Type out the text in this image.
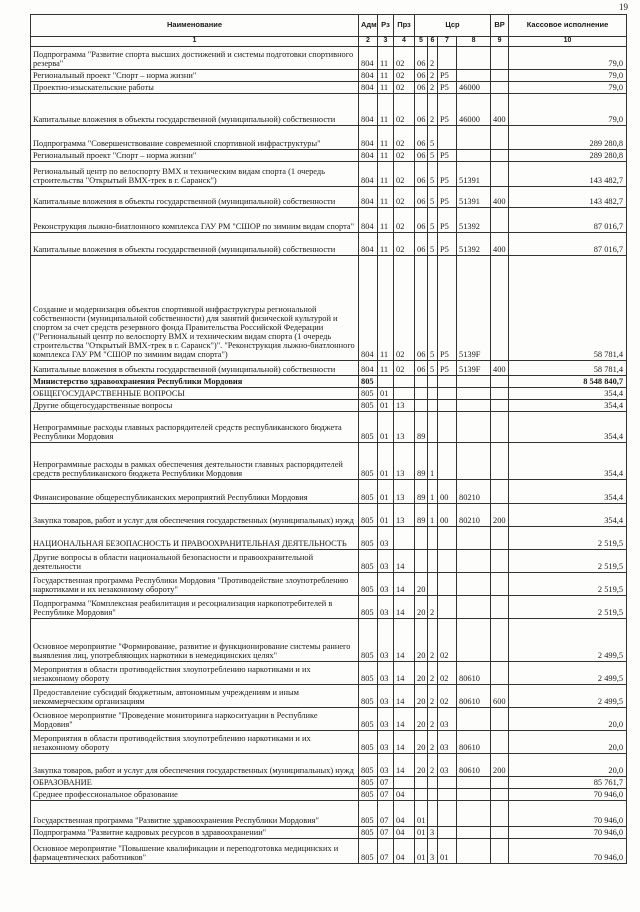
19
Наименование	Адм	Рз	Прз	Цср				ВР	Кассовое исполнение
1	2	3	4	5	6	7	8	9	10
Подпрограмма "Развитие спорта высших достижений и системы подготовки спортивного резерва"	804	11	02	06	2				79,0
Региональный проект "Спорт – норма жизни"	804	11	02	06	2	P5			79,0
Проектно-изыскательские работы	804	11	02	06	2	P5	46000		79,0
Капитальные вложения в объекты государственной (муниципальной) собственности	804	11	02	06	2	P5	46000	400	79,0
Подпрограмма "Совершенствование современной спортивной инфраструктуры"	804	11	02	06	5				289 280,8
Региональный проект "Спорт – норма жизни"	804	11	02	06	5	P5			289 280,8
Региональный центр по велоспорту ВМХ и техническим видам спорта (1 очередь строительства "Открытый ВМХ-трек в г. Саранск")	804	11	02	06	5	P5	51391		143 482,7
Капитальные вложения в объекты государственной (муниципальной) собственности	804	11	02	06	5	P5	51391	400	143 482,7
Реконструкция лыжно-биатлонного комплекса ГАУ РМ "СШОР по зимним видам спорта"	804	11	02	06	5	P5	51392		87 016,7
Капитальные вложения в объекты государственной (муниципальной) собственности	804	11	02	06	5	P5	51392	400	87 016,7
Создание и модернизация объектов спортивной инфраструктуры региональной собственности (муниципальной собственности) для занятий физической культурой и спортом за счет средств резервного фонда Правительства Российской Федерации ("Региональный центр по велоспорту ВМХ и техническим видам спорта (1 очередь строительства "Открытый ВМХ-трек в г. Саранск")". "Реконструкция лыжно-биатлонного комплекса ГАУ РМ "СШОР по зимним видам спорта")	804	11	02	06	5	P5	5139F		58 781,4
Капитальные вложения в объекты государственной (муниципальной) собственности	804	11	02	06	5	P5	5139F	400	58 781,4
Министерство здравоохранения Республики Мордовия	805								8 548 840,7
ОБЩЕГОСУДАРСТВЕННЫЕ ВОПРОСЫ	805	01							354,4
Другие общегосударственные вопросы	805	01	13						354,4
Непрограммные расходы главных распорядителей средств республиканского бюджета Республики Мордовия	805	01	13	89					354,4
Непрограммные расходы в рамках обеспечения деятельности главных распорядителей средств республиканского бюджета Республики Мордовия	805	01	13	89	1				354,4
Финансирование общереспубликанских мероприятий Республики Мордовия	805	01	13	89	1	00	80210		354,4
Закупка товаров, работ и услуг для обеспечения государственных (муниципальных) нужд	805	01	13	89	1	00	80210	200	354,4
НАЦИОНАЛЬНАЯ БЕЗОПАСНОСТЬ И ПРАВООХРАНИТЕЛЬНАЯ ДЕЯТЕЛЬНОСТЬ	805	03							2 519,5
Другие вопросы в области национальной безопасности и правоохранительной деятельности	805	03	14						2 519,5
Государственная программа Республики Мордовия "Противодействие злоупотреблению наркотиками и их незаконному обороту"	805	03	14	20					2 519,5
Подпрограмма "Комплексная реабилитация и ресоциализация наркопотребителей в Республике Мордовия"	805	03	14	20	2				2 519,5
Основное мероприятие "Формирование, развитие и функционирование системы раннего выявления лиц, употребляющих наркотики в немедицинских целях"	805	03	14	20	2	02			2 499,5
Мероприятия в области противодействия злоупотреблению наркотиками и их незаконному обороту	805	03	14	20	2	02	80610		2 499,5
Предоставление субсидий бюджетным, автономным учреждениям и иным некоммерческим организациям	805	03	14	20	2	02	80610	600	2 499,5
Основное мероприятие "Проведение мониторинга наркоситуации в Республике Мордовия"	805	03	14	20	2	03			20,0
Мероприятия в области противодействия злоупотреблению наркотиками и их незаконному обороту	805	03	14	20	2	03	80610		20,0
Закупка товаров, работ и услуг для обеспечения государственных (муниципальных) нужд	805	03	14	20	2	03	80610	200	20,0
ОБРАЗОВАНИЕ	805	07							85 761,7
Среднее профессиональное образование	805	07	04						70 946,0
Государственная программа "Развитие здравоохранения Республики Мордовия"	805	07	04	01					70 946,0
Подпрограмма "Развитие кадровых ресурсов в здравоохранении"	805	07	04	01	3				70 946,0
Основное мероприятие "Повышение квалификации и переподготовка медицинских и фармацевтических работников"	805	07	04	01	3	01			70 946,0
